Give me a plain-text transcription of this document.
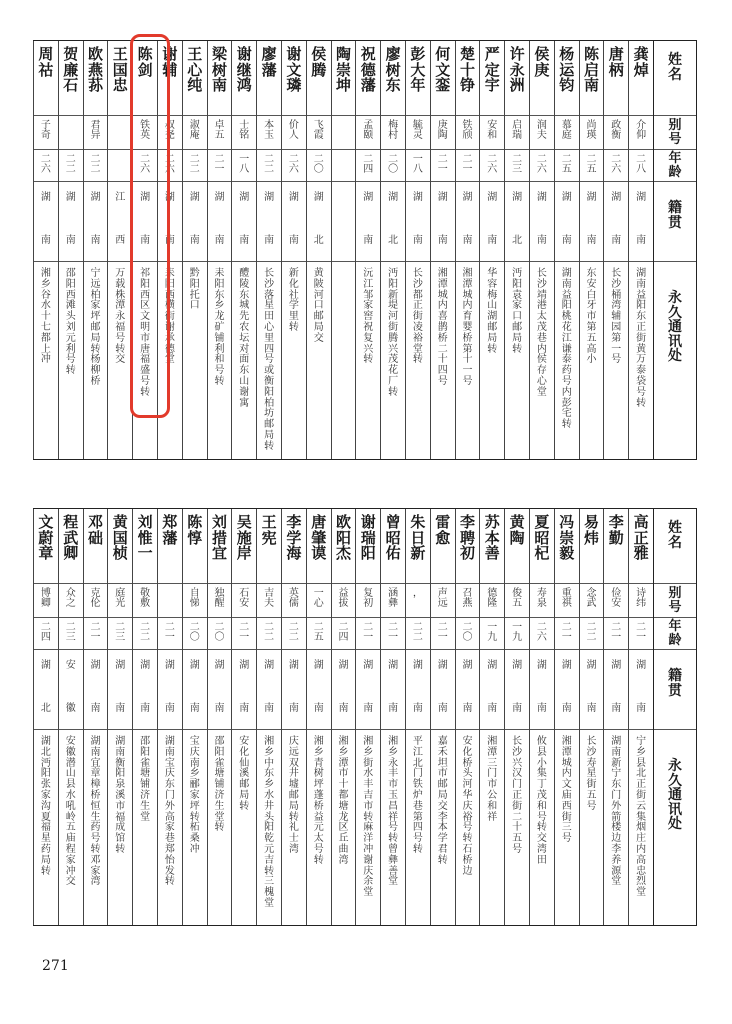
姓
名
别
号
年
龄
籍
贯
永
久
通
讯
处
龚
焯
介
仰
二
八
湖
南
湖
南
益
阳
东
正
街
黄
万
泰
袋
号
转
唐
柄
政
衡
二
六
湖
南
长
沙
桶
湾
辅
园
第
一
号
陈
启
南
尚
瑛
二
五
湖
南
东
安
白
牙
市
第
五
高
小
杨
运
钧
慕
庭
二
五
湖
南
湖
南
益
阳
桃
花
江
谦
泰
药
号
内
彭
宅
转
侯
庚
润
夫
二
六
湖
南
长
沙
靖
港
太
茂
巷
内
侯
存
心
堂
许
永
洲
启
瑞
二
三
湖
北
沔
阳
袁
家
口
邮
局
转
严
定
宇
安
和
二
六
湖
南
华
容
梅
山
湖
邮
局
转
楚
十
铮
铁
颀
二
一
湖
南
湘
潭
城
内
育
婴
桥
第
十
一
号
何
文
銮
庚
陶
二
一
湖
南
湘
潭
城
内
喜
鹊
桥
二
十
四
号
彭
大
年
毓
灵
一
八
湖
南
长
沙
都
正
街
凌
裕
堂
转
廖
树
东
梅
村
二
〇
湖
北
沔
阳
新
堤
河
街
腾
兴
茂
花
厂
转
祝
德
藩
孟
颐
二
四
湖
南
沅
江
邹
家
窖
祝
复
兴
转
陶
崇
坤
侯
腾
飞
霞
二
〇
湖
北
黄
陂
河
口
邮
局
交
谢
文
璘
价
人
二
六
湖
南
新
化
社
学
里
转
廖
藩
本
玉
二
二
湖
南
长
沙
落
星
田
心
里
四
号
或
衡
阳
柏
坊
邮
局
转
谢
继
鸿
士
铭
一
八
湖
南
醴
陵
东
城
先
农
坛
对
面
东
山
谢
寓
梁
树
南
卓
五
二
一
湖
南
耒
阳
东
乡
龙
矿
铺
利
和
号
转
王
心
纯
淑
庵
二
二
湖
南
黔
阳
托
口
谢
辅
叔
尧
二
六
湖
南
耒
阳
西
横
街
谢
承
德
堂
陈
剑
铁
英
二
六
湖
南
祁
阳
西
区
文
明
市
唐
福
盛
号
转
王
国
忠
江
西
万
载
株
潭
永
福
号
转
交
欧
燕
荪
君
异
二
二
湖
南
宁
远
柏
家
坪
邮
局
转
杨
柳
桥
贺
廉
石
二
二
湖
南
邵
阳
西
滩
头
刘
元
利
号
转
周
祜
子
奇
二
六
湖
南
湘
乡
谷
水
十
七
都
上
冲
姓
名
别
号
年
龄
籍
贯
永
久
通
讯
处
高
正
雅
诗
纬
二
一
湖
南
宁
乡
县
北
正
街
云
集
烟
庄
内
高
忠
烈
堂
李
勤
俭
安
二
一
湖
南
湖
南
新
宁
东
门
外
箭
楼
边
李
养
源
堂
易
炜
念
武
二
二
湖
南
长
沙
寿
星
街
五
号
冯
崇
毅
重
祺
二
一
湖
南
湘
潭
城
内
文
庙
西
街
三
号
夏
昭
杞
寿
泉
二
六
湖
南
攸
县
小
集
丁
茂
和
号
转
交
湾
田
黄
陶
俊
五
一
九
湖
南
长
沙
兴
汉
门
正
街
二
十
五
号
苏
本
善
德
隆
一
九
湖
南
湘
潭
三
门
市
公
和
祥
李
聘
初
召
燕
二
〇
湖
南
安
化
桥
头
河
华
庆
裕
号
转
石
桥
边
雷
愈
声
远
二
一
湖
南
嘉
禾
坦
市
邮
局
交
李
本
学
君
转
朱
日
新
，
二
二
湖
南
平
江
北
门
铁
炉
巷
第
四
号
转
曾
昭
佑
涵
彝
二
一
湖
南
湘
乡
永
丰
市
玉
昌
祥
号
转
曾
彝
善
堂
谢
瑞
阳
复
初
二
一
湖
南
湘
乡
街
水
丰
吉
市
转
麻
洋
冲
谢
庆
余
堂
欧
阳
杰
益
拔
二
四
湖
南
湘
乡
潭
市
十
都
塘
龙
区
丘
曲
湾
唐
肇
谟
一
心
二
五
湖
南
湘
乡
青
树
坪
蓬
桥
益
元
太
号
转
李
学
海
英
儒
二
二
湖
南
庆
远
双
井
墟
邮
局
转
礼
士
湾
王
宪
吉
夫
二
二
湖
南
湘
乡
中
东
乡
水
井
头
阳
乾
元
吉
转
三
槐
堂
吴
施
岸
石
安
二
一
湖
南
安
化
仙
溪
邮
局
转
刘
措
宜
独
醒
二
〇
湖
南
邵
阳
雀
塘
铺
济
生
堂
转
陈
惇
自
悌
二
〇
湖
南
宝
庆
南
乡
郦
家
坪
转
柘
桑
冲
郑
藩
二
一
湖
南
湖
南
宝
庆
东
门
外
高
家
巷
郑
怡
发
转
刘
惟
一
敬
敷
二
二
湖
南
邵
阳
雀
塘
铺
济
生
堂
黄
国
桢
庭
光
二
三
湖
南
湖
南
衡
阳
泉
溪
市
福
成
馆
转
邓
础
克
伦
二
一
湖
南
湖
南
宜
章
樟
桥
恒
生
药
号
转
邓
家
湾
程
武
卿
众
之
二
三
安
徽
安
徽
潜
山
县
水
吼
岭
五
庙
程
家
冲
交
文
蔚
章
博
卿
二
四
湖
北
湖
北
沔
阳
张
家
沟
夏
福
星
药
局
转
271
